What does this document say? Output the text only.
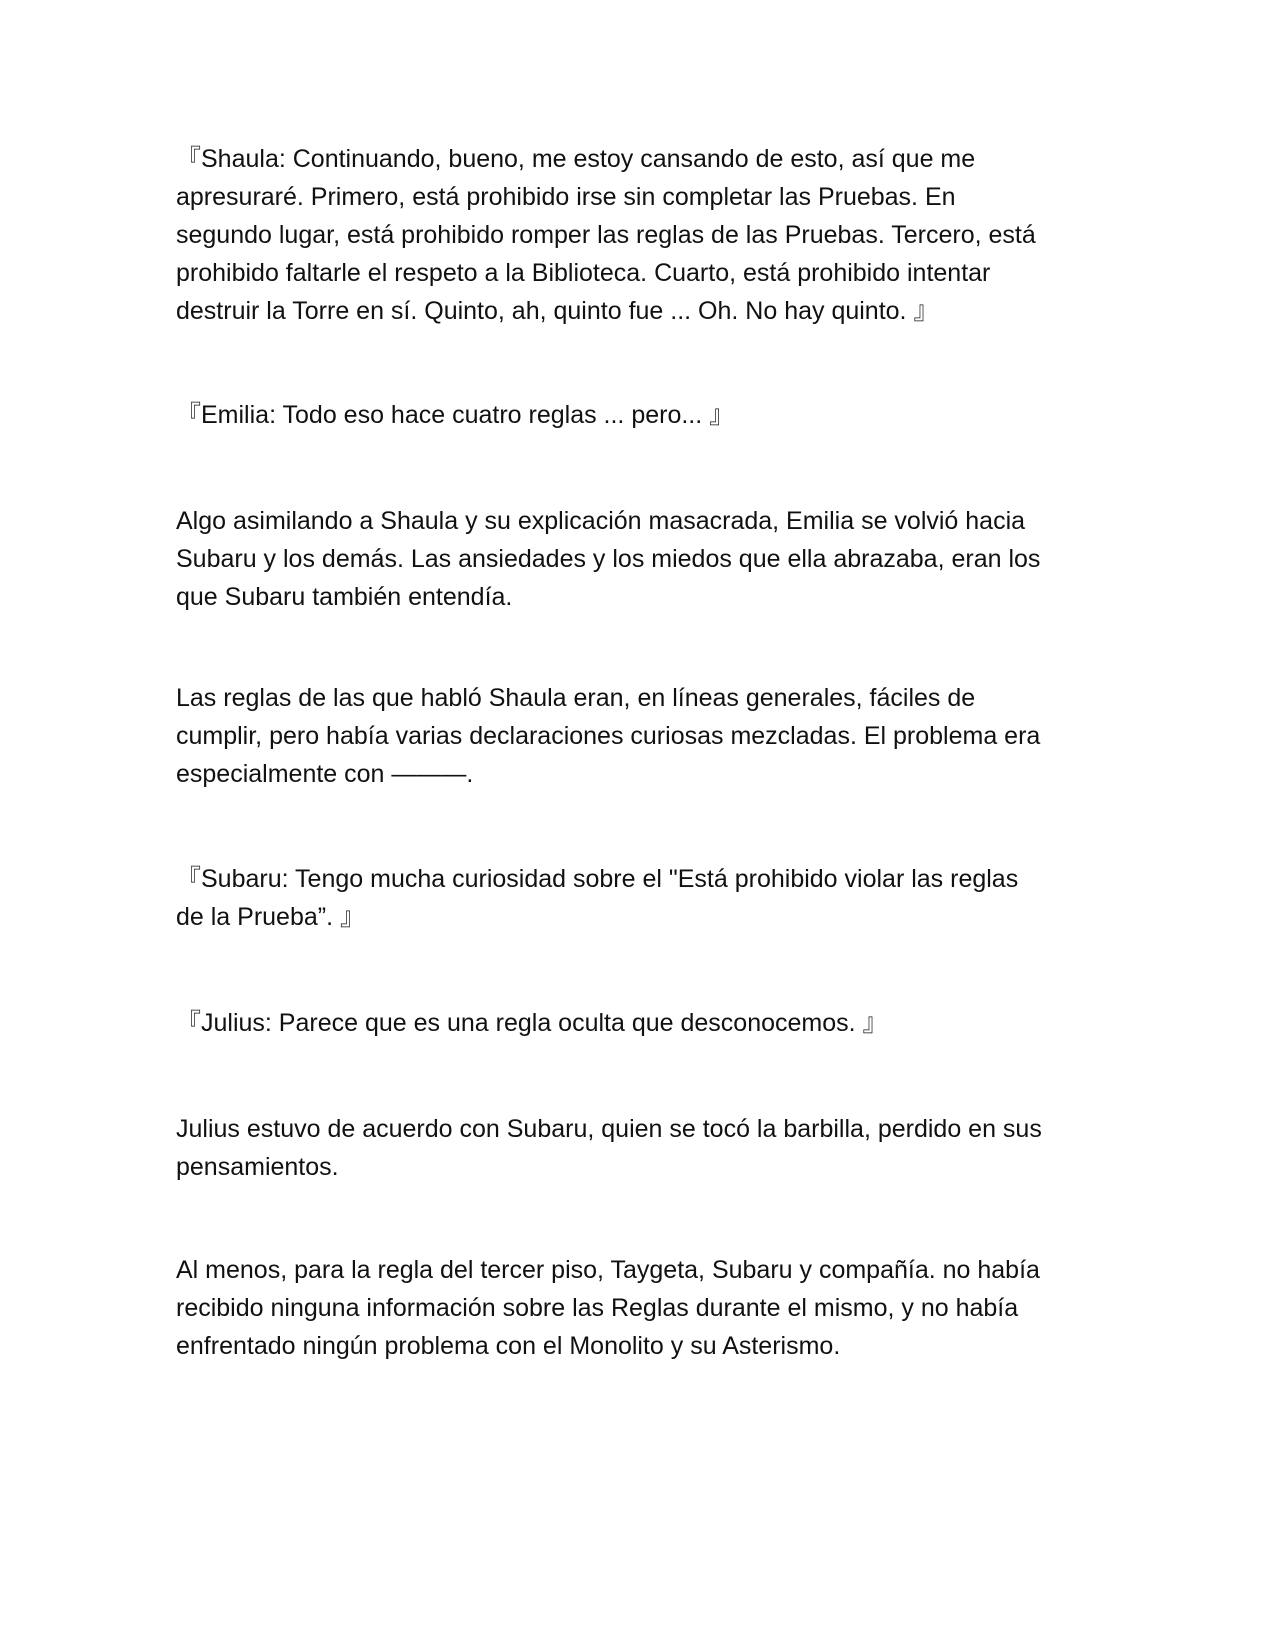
『Shaula: Continuando, bueno, me estoy cansando de esto, así que me
apresuraré. Primero, está prohibido irse sin completar las Pruebas. En
segundo lugar, está prohibido romper las reglas de las Pruebas. Tercero, está
prohibido faltarle el respeto a la Biblioteca. Cuarto, está prohibido intentar
destruir la Torre en sí. Quinto, ah, quinto fue ... Oh. No hay quinto. 』

『Emilia: Todo eso hace cuatro reglas ... pero... 』

Algo asimilando a Shaula y su explicación masacrada, Emilia se volvió hacia
Subaru y los demás. Las ansiedades y los miedos que ella abrazaba, eran los
que Subaru también entendía.

Las reglas de las que habló Shaula eran, en líneas generales, fáciles de
cumplir, pero había varias declaraciones curiosas mezcladas. El problema era
especialmente con ———.

『Subaru: Tengo mucha curiosidad sobre el "Está prohibido violar las reglas
de la Prueba”. 』

『Julius: Parece que es una regla oculta que desconocemos. 』

Julius estuvo de acuerdo con Subaru, quien se tocó la barbilla, perdido en sus
pensamientos.

Al menos, para la regla del tercer piso, Taygeta, Subaru y compañía. no había
recibido ninguna información sobre las Reglas durante el mismo, y no había
enfrentado ningún problema con el Monolito y su Asterismo.
